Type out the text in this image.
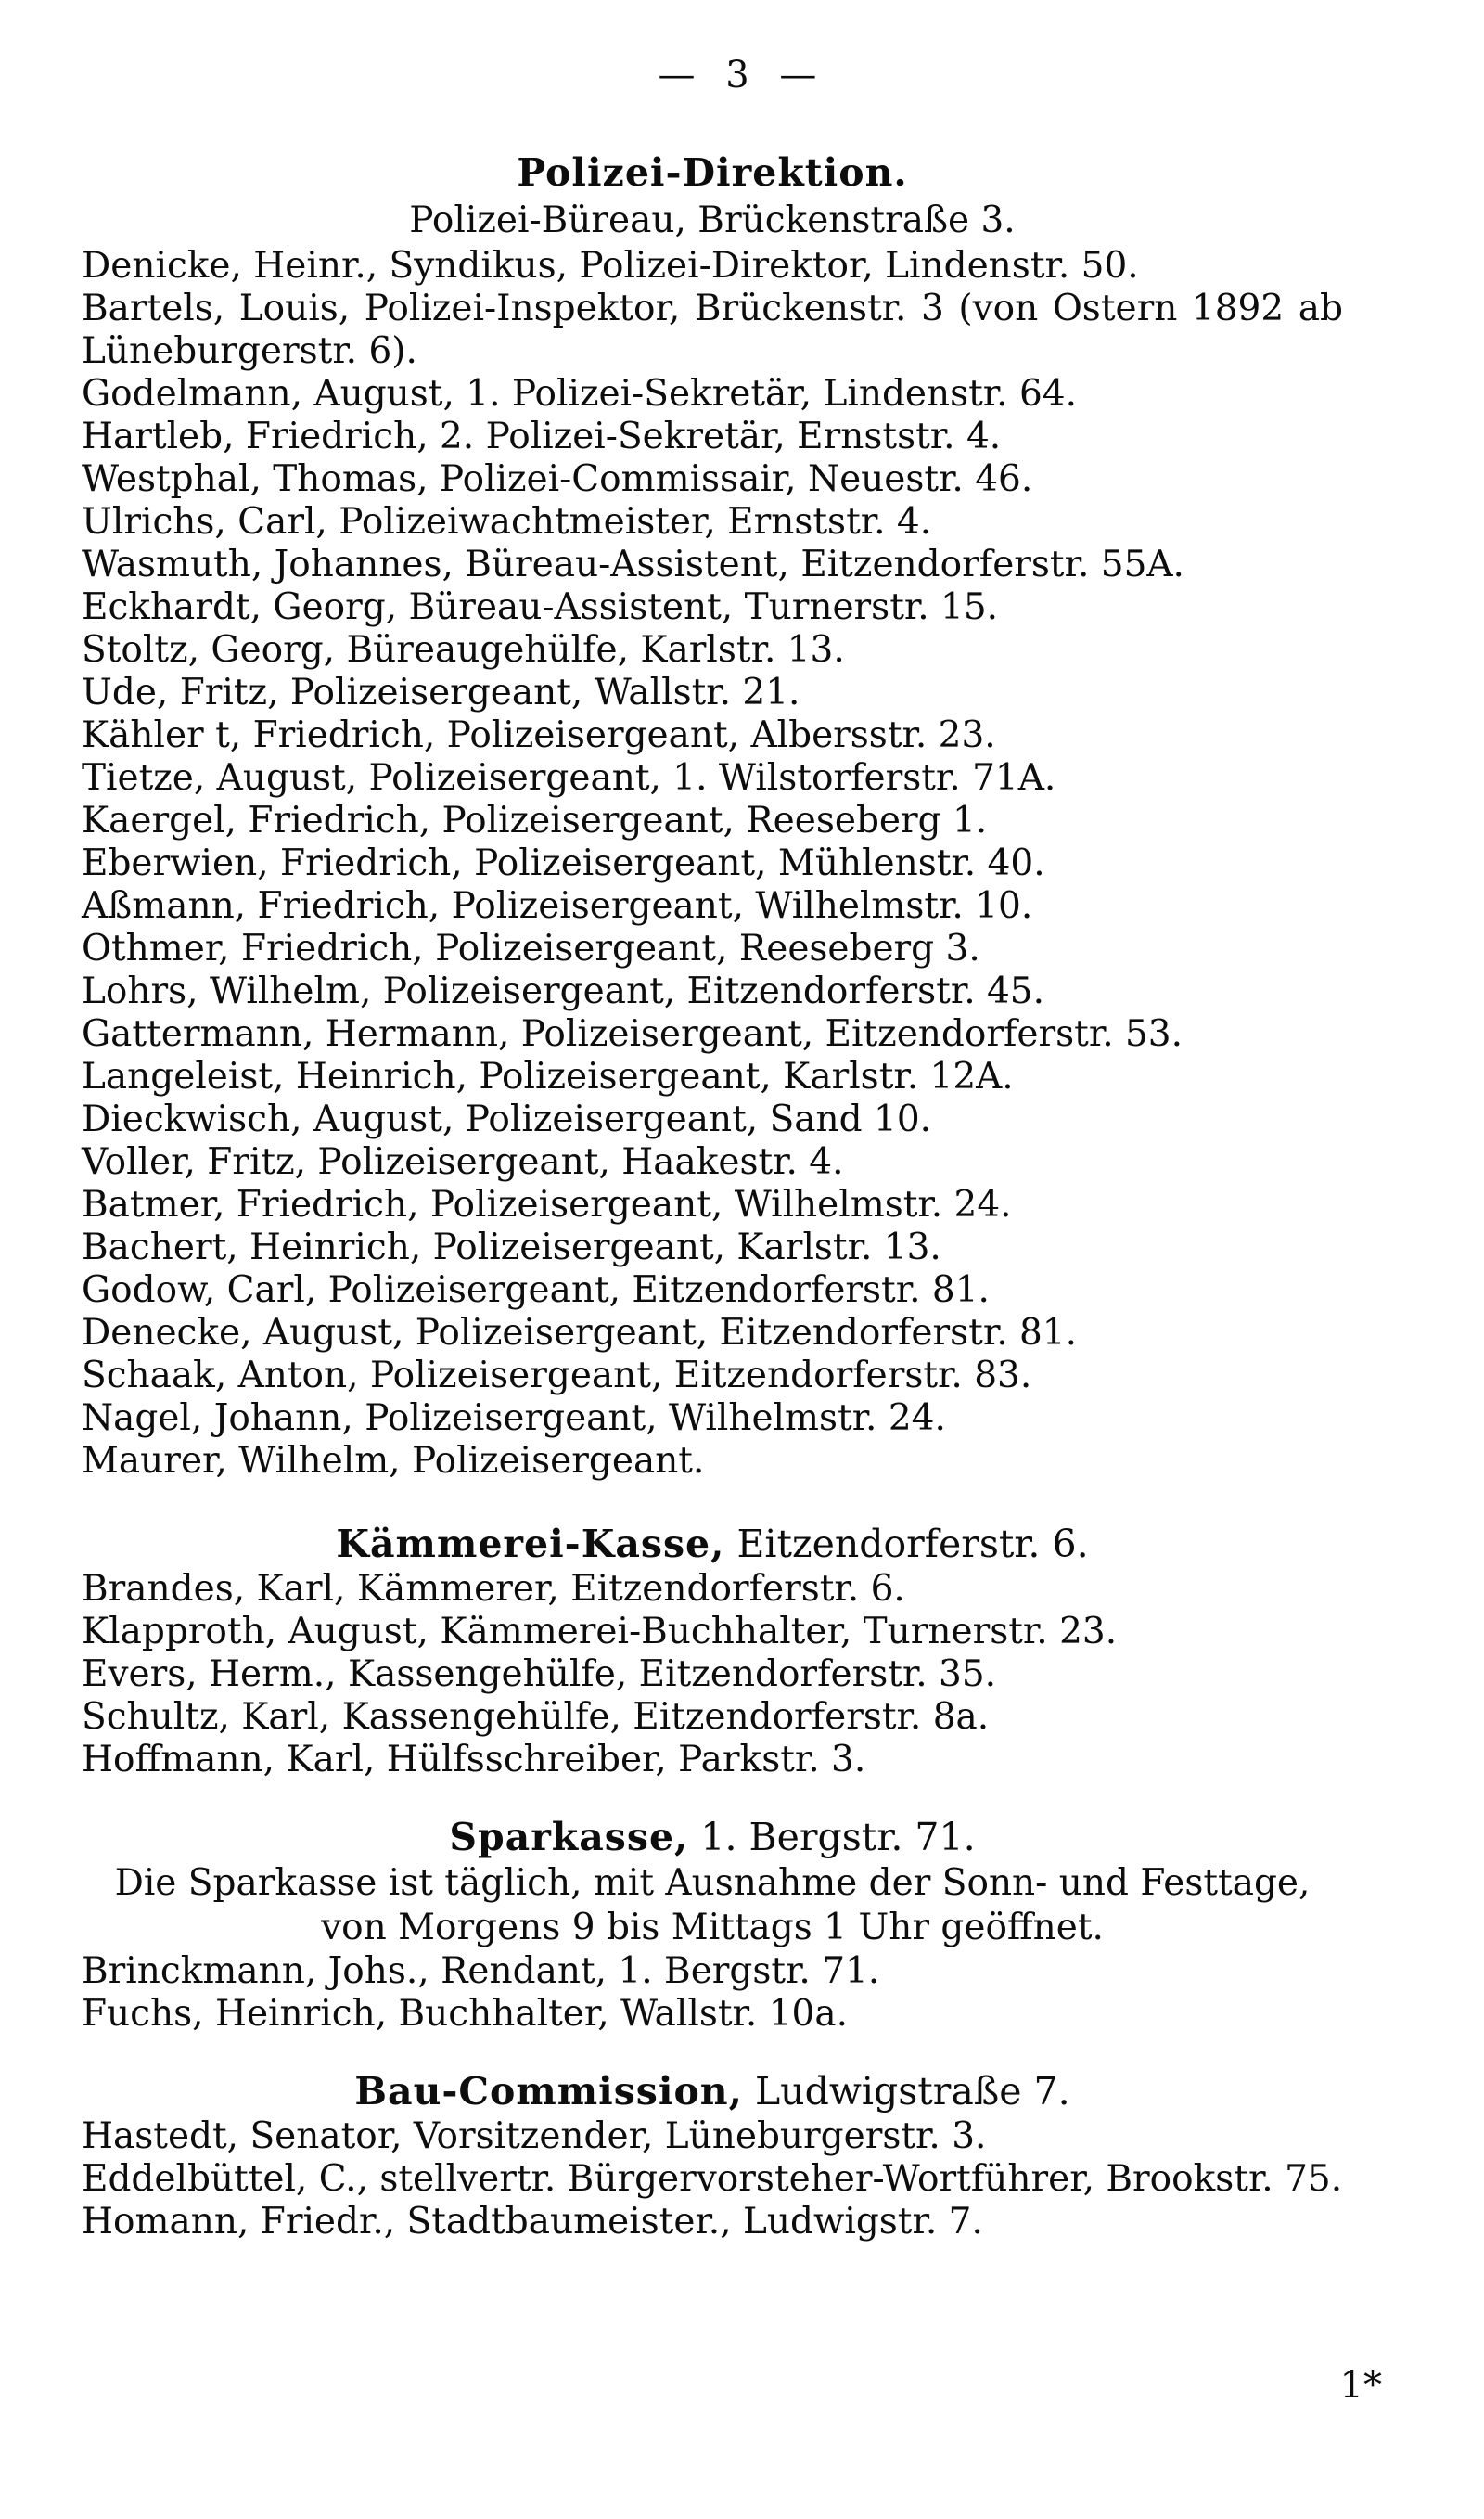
— 3 —

Polizei-Direktion.

Polizei-Büreau, Brückenstraße 3.

Denicke, Heinr., Syndikus, Polizei-Direktor, Lindenstr. 50.

Bartels, Louis, Polizei-Inspektor, Brückenstr. 3 (von Ostern 1892 ab Lüneburgerstr. 6).

Godelmann, August, 1. Polizei-Sekretär, Lindenstr. 64.

Hartleb, Friedrich, 2. Polizei-Sekretär, Ernststr. 4.

Westphal, Thomas, Polizei-Commissair, Neuestr. 46.

Ulrichs, Carl, Polizeiwachtmeister, Ernststr. 4.

Wasmuth, Johannes, Büreau-Assistent, Eitzendorferstr. 55A.

Eckhardt, Georg, Büreau-Assistent, Turnerstr. 15.

Stoltz, Georg, Büreaugehülfe, Karlstr. 13.

Ude, Fritz, Polizeisergeant, Wallstr. 21.

Kähler t, Friedrich, Polizeisergeant, Albersstr. 23.

Tietze, August, Polizeisergeant, 1. Wilstorferstr. 71A.

Kaergel, Friedrich, Polizeisergeant, Reeseberg 1.

Eberwien, Friedrich, Polizeisergeant, Mühlenstr. 40.

Aßmann, Friedrich, Polizeisergeant, Wilhelmstr. 10.

Othmer, Friedrich, Polizeisergeant, Reeseberg 3.

Lohrs, Wilhelm, Polizeisergeant, Eitzendorferstr. 45.

Gattermann, Hermann, Polizeisergeant, Eitzendorferstr. 53.

Langeleist, Heinrich, Polizeisergeant, Karlstr. 12A.

Dieckwisch, August, Polizeisergeant, Sand 10.

Voller, Fritz, Polizeisergeant, Haakestr. 4.

Batmer, Friedrich, Polizeisergeant, Wilhelmstr. 24.

Bachert, Heinrich, Polizeisergeant, Karlstr. 13.

Godow, Carl, Polizeisergeant, Eitzendorferstr. 81.

Denecke, August, Polizeisergeant, Eitzendorferstr. 81.

Schaak, Anton, Polizeisergeant, Eitzendorferstr. 83.

Nagel, Johann, Polizeisergeant, Wilhelmstr. 24.

Maurer, Wilhelm, Polizeisergeant.

Kämmerei-Kasse, Eitzendorferstr. 6.

Brandes, Karl, Kämmerer, Eitzendorferstr. 6.

Klapproth, August, Kämmerei-Buchhalter, Turnerstr. 23.

Evers, Herm., Kassengehülfe, Eitzendorferstr. 35.

Schultz, Karl, Kassengehülfe, Eitzendorferstr. 8a.

Hoffmann, Karl, Hülfsschreiber, Parkstr. 3.

Sparkasse, 1. Bergstr. 71.

Die Sparkasse ist täglich, mit Ausnahme der Sonn- und Festtage,

von Morgens 9 bis Mittags 1 Uhr geöffnet.

Brinckmann, Johs., Rendant, 1. Bergstr. 71.

Fuchs, Heinrich, Buchhalter, Wallstr. 10a.

Bau-Commission, Ludwigstraße 7.

Hastedt, Senator, Vorsitzender, Lüneburgerstr. 3.

Eddelbüttel, C., stellvertr. Bürgervorsteher-Wortführer, Brookstr. 75.

Homann, Friedr., Stadtbaumeister., Ludwigstr. 7.

1*
